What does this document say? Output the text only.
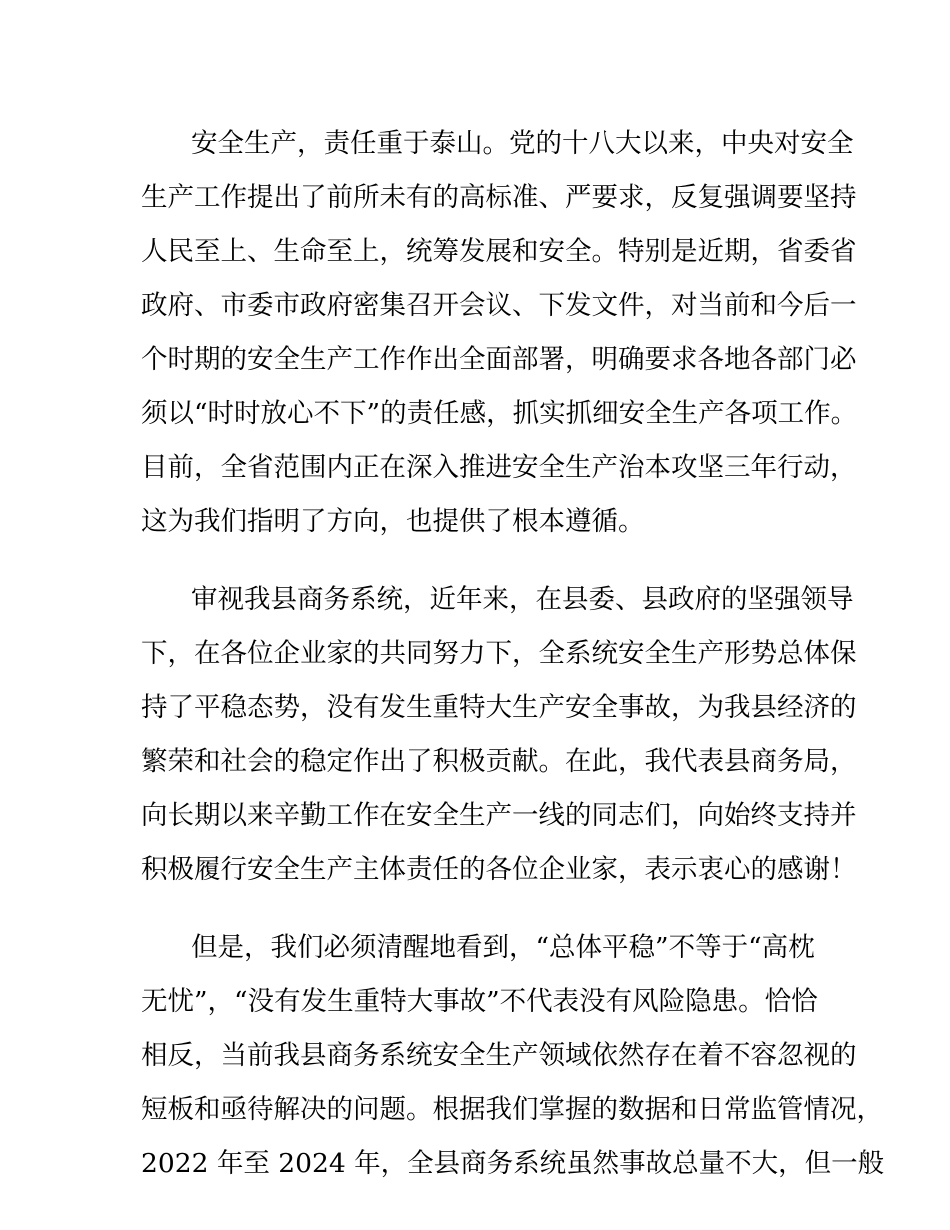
安全生产，责任重于泰山。党的十八大以来，中央对安全
生产工作提出了前所未有的高标准、严要求，反复强调要坚持
人民至上、生命至上，统筹发展和安全。特别是近期，省委省
政府、市委市政府密集召开会议、下发文件，对当前和今后一
个时期的安全生产工作作出全面部署，明确要求各地各部门必
须以“时时放心不下”的责任感，抓实抓细安全生产各项工作。
目前，全省范围内正在深入推进安全生产治本攻坚三年行动，
这为我们指明了方向，也提供了根本遵循。
审视我县商务系统，近年来，在县委、县政府的坚强领导
下，在各位企业家的共同努力下，全系统安全生产形势总体保
持了平稳态势，没有发生重特大生产安全事故，为我县经济的
繁荣和社会的稳定作出了积极贡献。在此，我代表县商务局，
向长期以来辛勤工作在安全生产一线的同志们，向始终支持并
积极履行安全生产主体责任的各位企业家，表示衷心的感谢！
但是，我们必须清醒地看到，“总体平稳”不等于“高枕
无忧”，“没有发生重特大事故”不代表没有风险隐患。恰恰
相反，当前我县商务系统安全生产领域依然存在着不容忽视的
短板和亟待解决的问题。根据我们掌握的数据和日常监管情况，
2022 年至 2024 年，全县商务系统虽然事故总量不大，但一般
